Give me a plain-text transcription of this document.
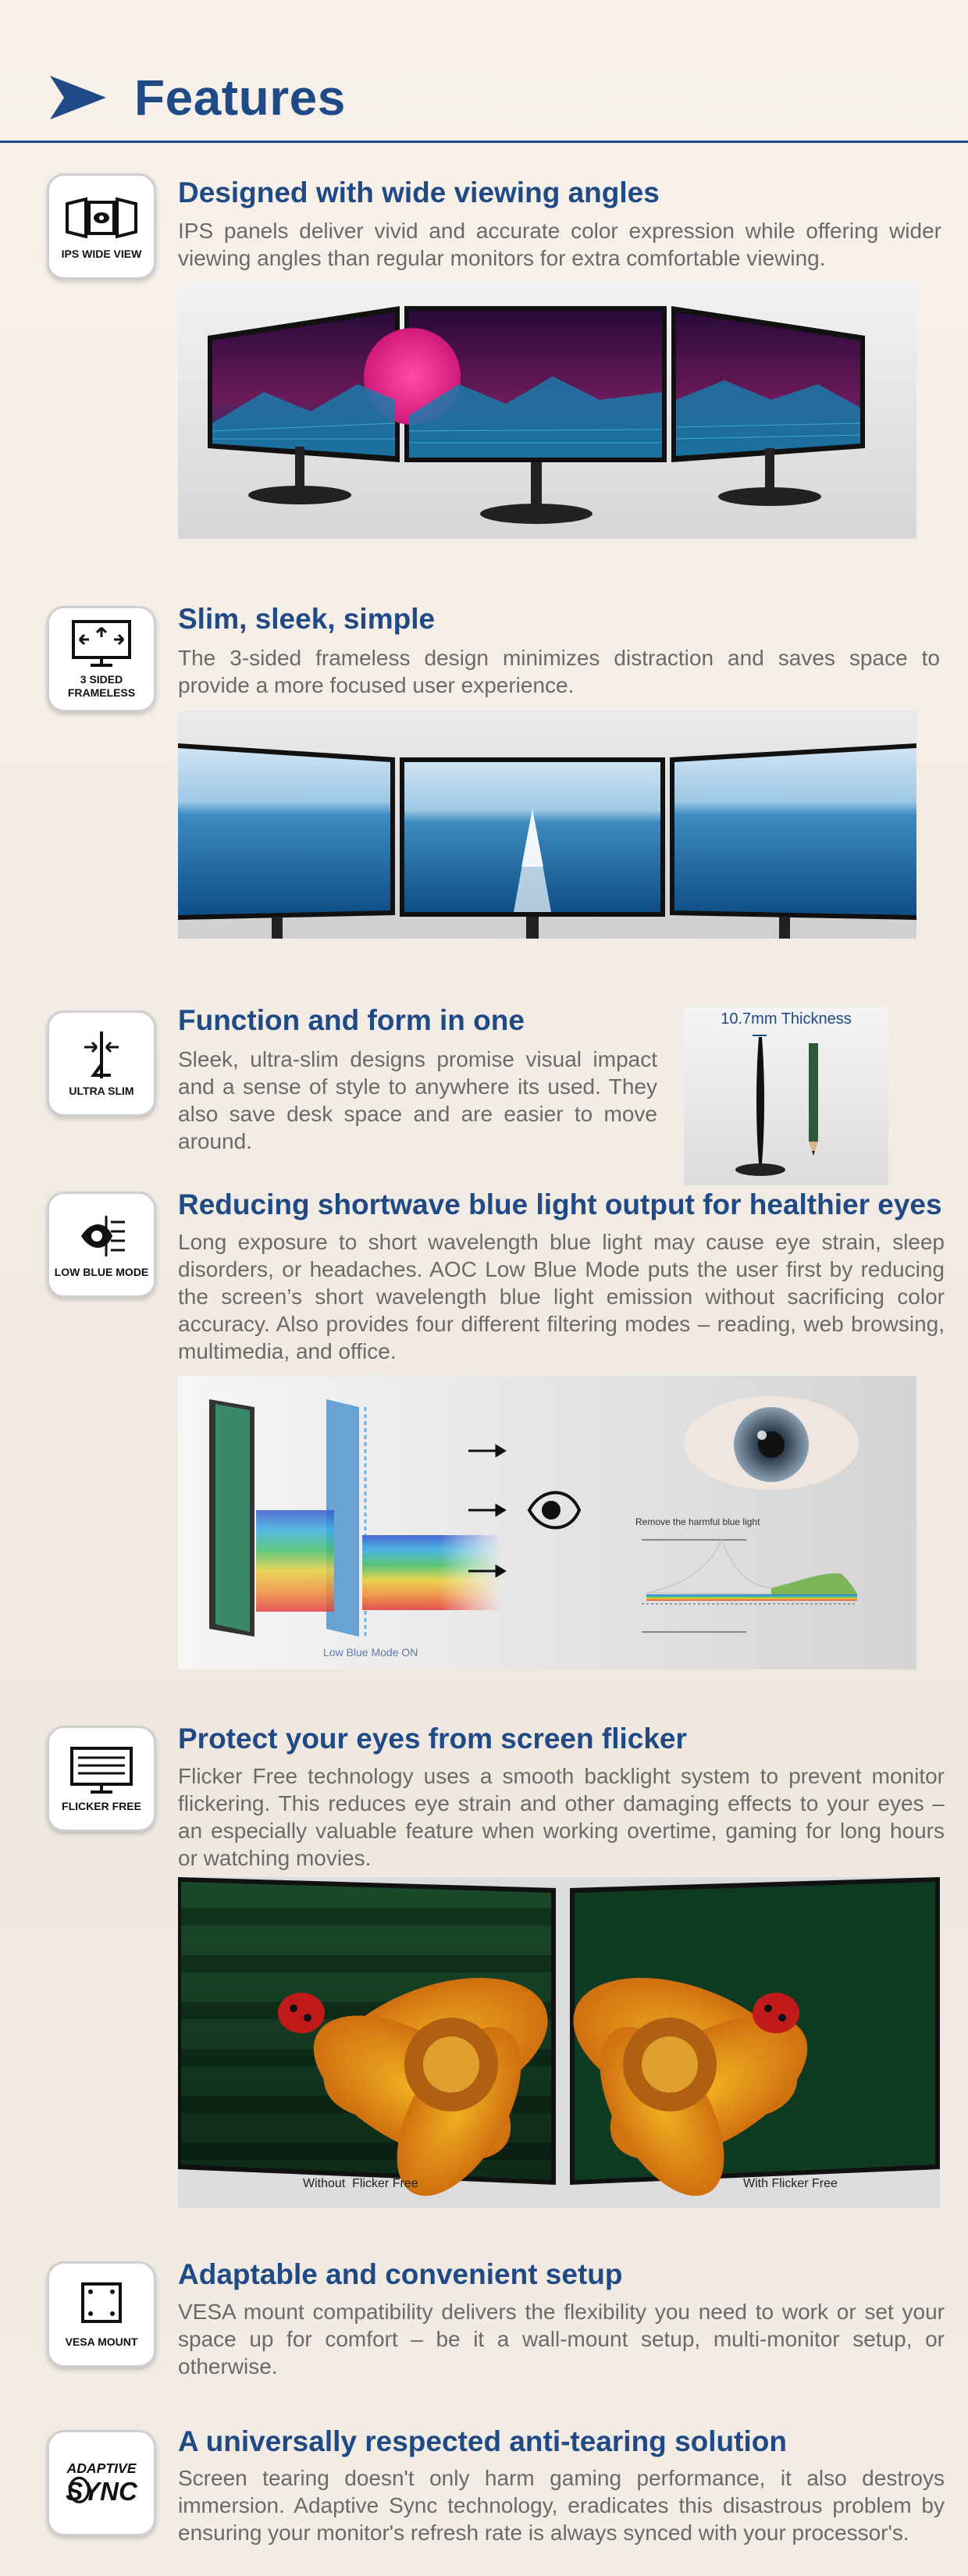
Features
IPS WIDE VIEW
Designed with wide viewing angles
IPS panels deliver vivid and accurate color expression while offering wider viewing angles than regular monitors for extra comfortable viewing.
3 SIDED FRAMELESS
Slim, sleek, simple
The 3-sided frameless design minimizes distraction and saves space to provide a more focused user experience.
ULTRA SLIM
Function and form in one
Sleek, ultra-slim designs promise visual impact and a sense of style to anywhere its used. They also save desk space and are easier to move around.
10.7mm Thickness
LOW BLUE MODE
Reducing shortwave blue light output for healthier eyes
Long exposure to short wavelength blue light may cause eye strain, sleep disorders, or headaches. AOC Low Blue Mode puts the user first by reducing the screen’s short wavelength blue light emission without sacrificing color accuracy. Also provides four different filtering modes – reading, web browsing, multimedia, and office.
Low Blue Mode ON
Remove the harmful blue light
FLICKER FREE
Protect your eyes from screen flicker
Flicker Free technology uses a smooth backlight system to prevent monitor flickering. This reduces eye strain and other damaging effects to your eyes – an especially valuable feature when working overtime, gaming for long hours or watching movies.
Without  Flicker Free	With Flicker Free
VESA MOUNT
Adaptable and convenient setup
VESA mount compatibility delivers the flexibility you need to work or set your space up for comfort – be it a wall-mount setup, multi-monitor setup, or otherwise.
ADAPTIVE
SYNC
A universally respected anti-tearing solution
Screen tearing doesn't only harm gaming performance, it also destroys immersion. Adaptive Sync technology, eradicates this disastrous problem by ensuring your monitor's refresh rate is always synced with your processor's.
